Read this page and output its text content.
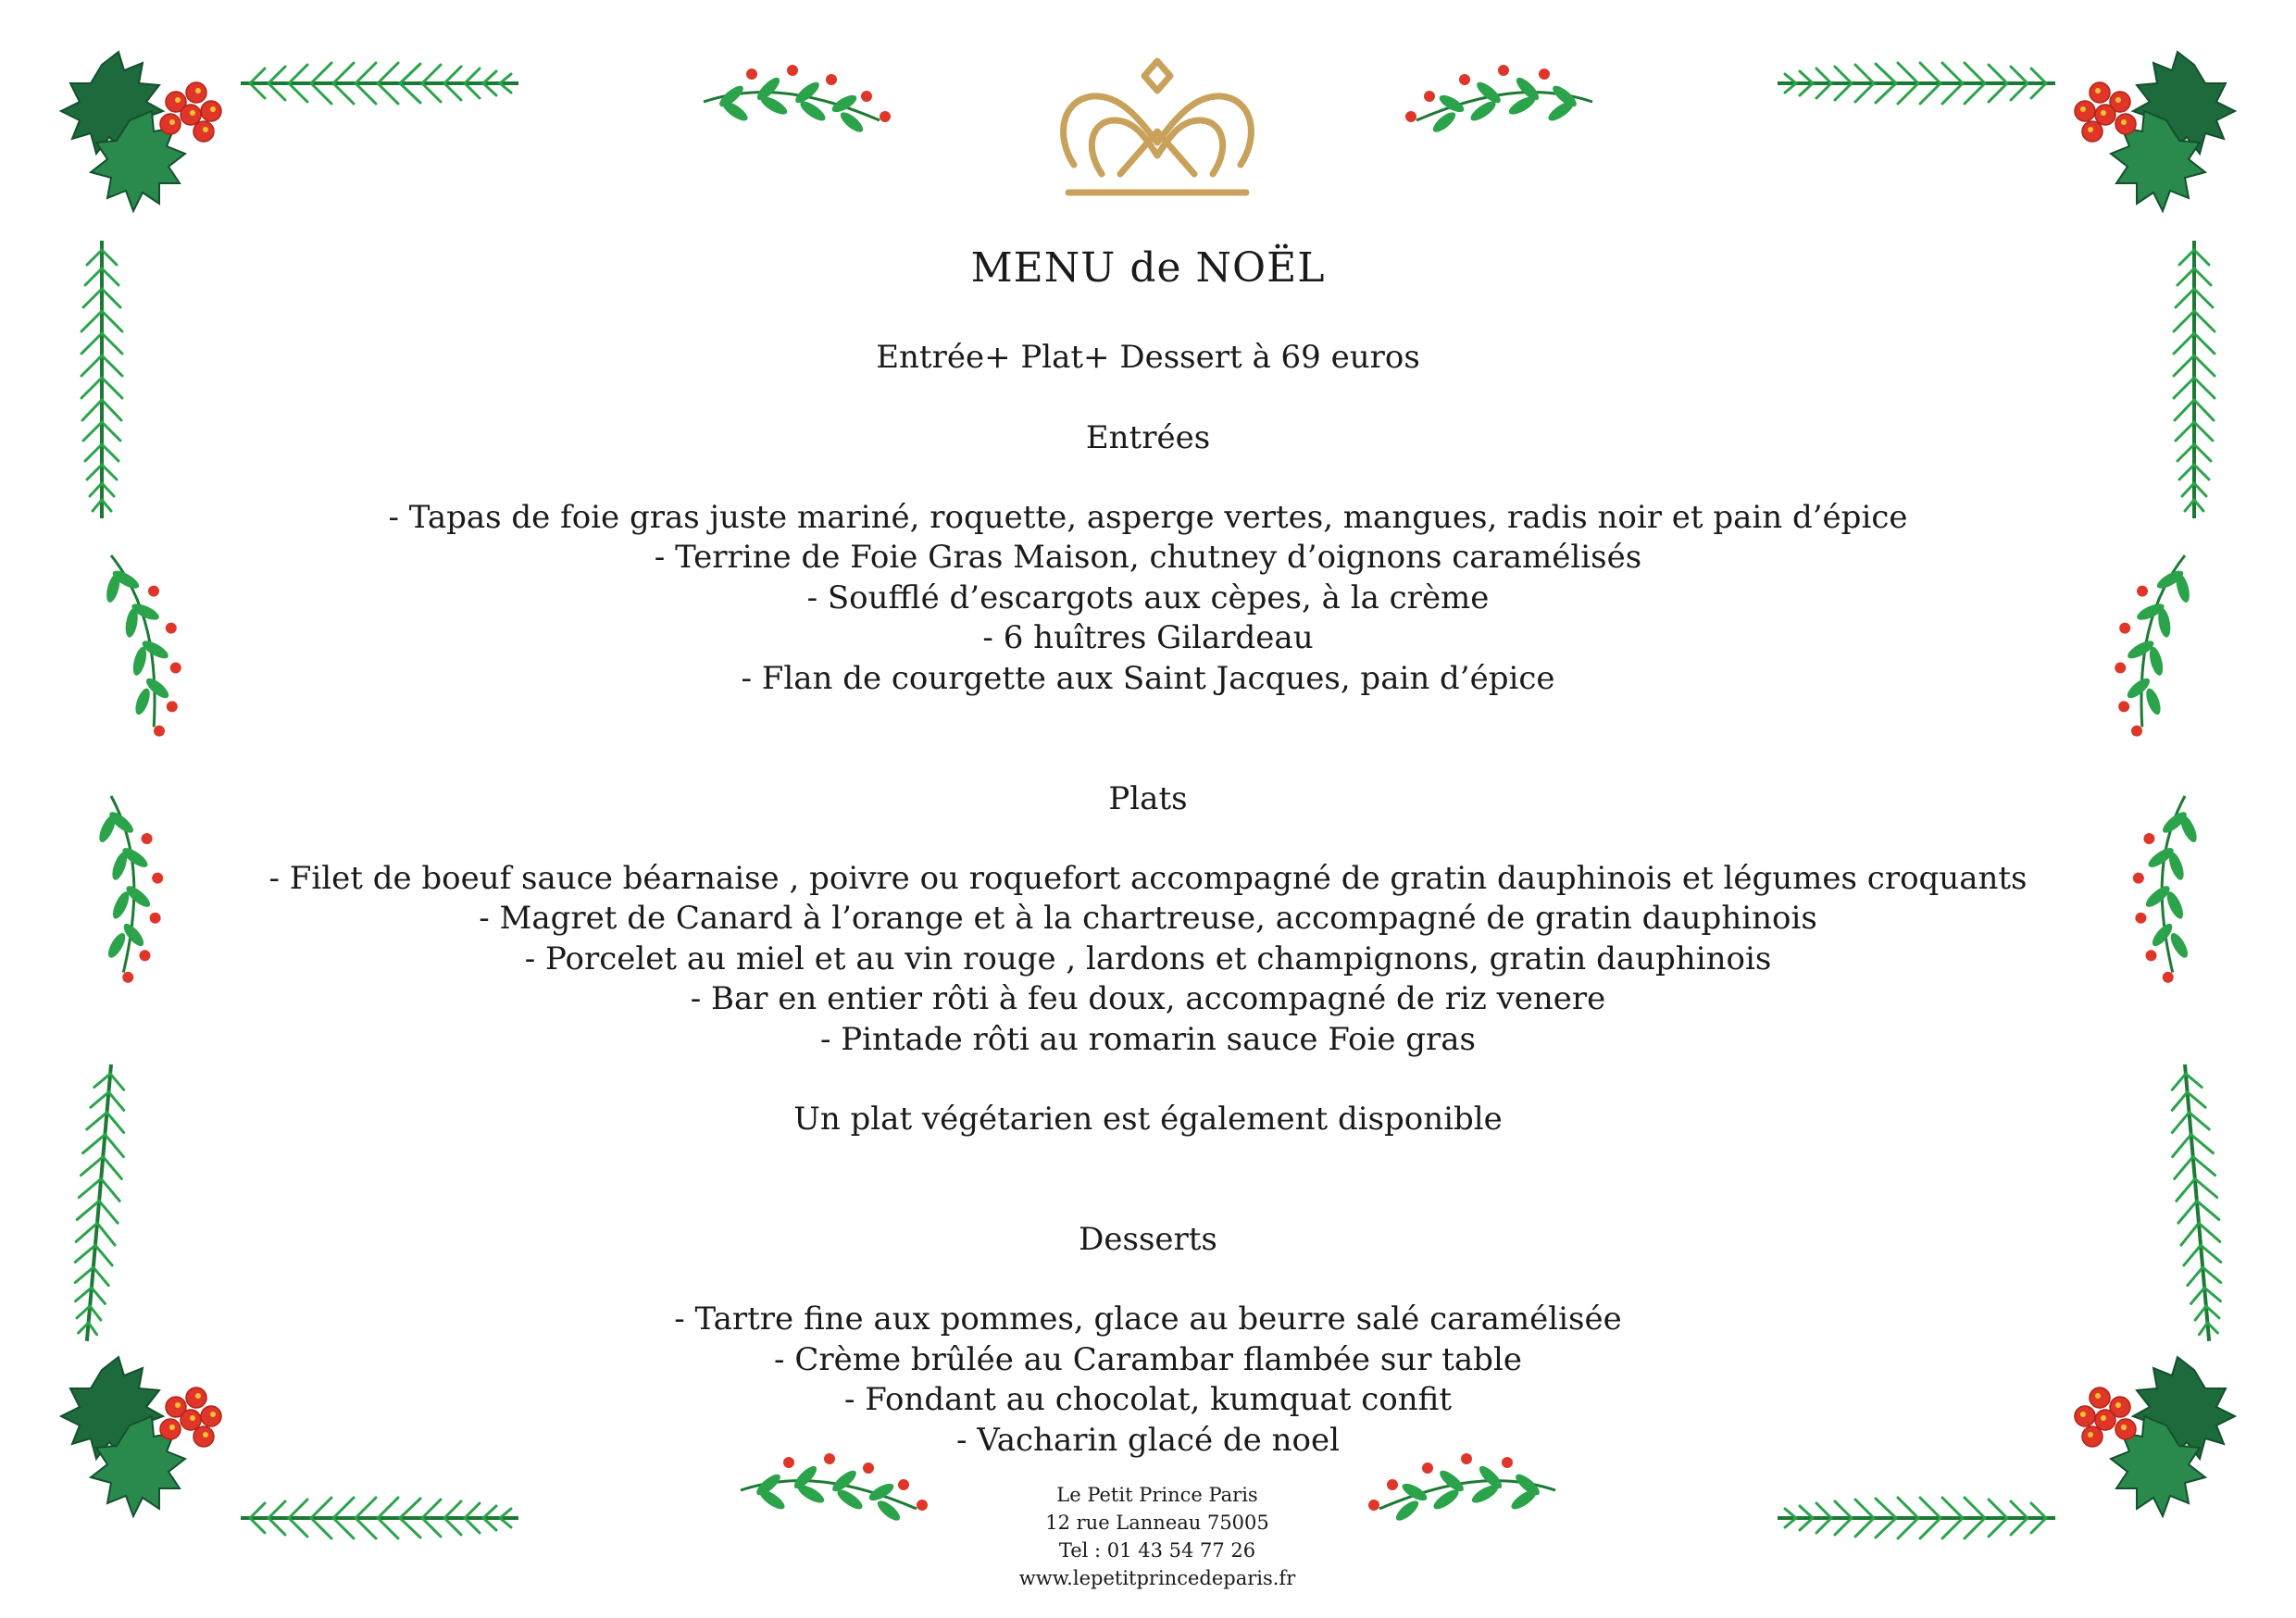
MENU de NOËL
Entrée+ Plat+ Dessert à 69 euros
Entrées
- Tapas de foie gras juste mariné, roquette, asperge vertes, mangues, radis noir et pain d’épice
- Terrine de Foie Gras Maison, chutney d’oignons caramélisés
- Soufflé d’escargots aux cèpes, à la crème
- 6 huîtres Gilardeau
- Flan de courgette aux Saint Jacques, pain d’épice
Plats
- Filet de boeuf sauce béarnaise , poivre ou roquefort accompagné de gratin dauphinois et légumes croquants
- Magret de Canard à l’orange et à la chartreuse, accompagné de gratin dauphinois
- Porcelet au miel et au vin rouge , lardons et champignons, gratin dauphinois
- Bar en entier rôti à feu doux, accompagné de riz venere
- Pintade rôti au romarin sauce Foie gras
Un plat végétarien est également disponible
Desserts
- Tartre fine aux pommes, glace au beurre salé caramélisée
- Crème brûlée au Carambar flambée sur table
- Fondant au chocolat, kumquat confit
- Vacharin glacé de noel
Le Petit Prince Paris
12 rue Lanneau 75005
Tel : 01 43 54 77 26
www.lepetitprincedeparis.fr
